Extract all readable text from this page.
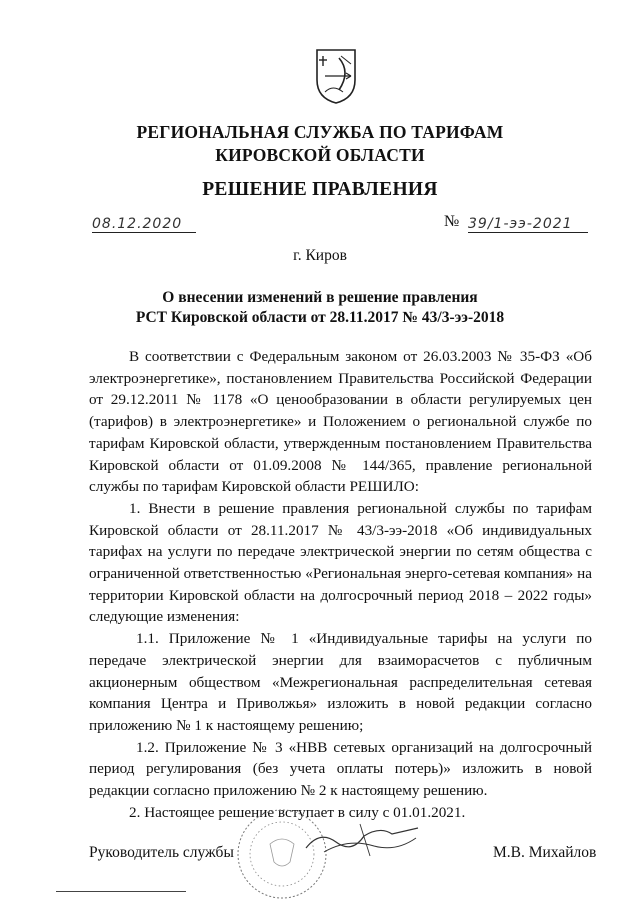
РЕГИОНАЛЬНАЯ СЛУЖБА ПО ТАРИФАМ
КИРОВСКОЙ ОБЛАСТИ
РЕШЕНИЕ ПРАВЛЕНИЯ
08.12.2020	№ 39/1-ээ-2021
г. Киров
О внесении изменений в решение правления
РСТ Кировской области от 28.11.2017 № 43/3-ээ-2018

В соответствии с Федеральным законом от 26.03.2003 № 35-ФЗ «Об электроэнергетике», постановлением Правительства Российской Федерации от 29.12.2011 № 1178 «О ценообразовании в области регулируемых цен (тарифов) в электроэнергетике» и Положением о региональной службе по тарифам Кировской области, утвержденным постановлением Правительства Кировской области от 01.09.2008 № 144/365, правление региональной службы по тарифам Кировской области РЕШИЛО:

1. Внести в решение правления региональной службы по тарифам Кировской области от 28.11.2017 № 43/3-ээ-2018 «Об индивидуальных тарифах на услуги по передаче электрической энергии по сетям общества с ограниченной ответственностью «Региональная энерго-сетевая компания» на территории Кировской области на долгосрочный период 2018 – 2022 годы» следующие изменения:

1.1. Приложение № 1 «Индивидуальные тарифы на услуги по передаче электрической энергии для взаиморасчетов с публичным акционерным обществом «Межрегиональная распределительная сетевая компания Центра и Приволжья» изложить в новой редакции согласно приложению № 1 к настоящему решению;

1.2. Приложение № 3 «НВВ сетевых организаций на долгосрочный период регулирования (без учета оплаты потерь)» изложить в новой редакции согласно приложению № 2 к настоящему решению.

2. Настоящее решение вступает в силу с 01.01.2021.

Руководитель службы	М.В. Михайлов
